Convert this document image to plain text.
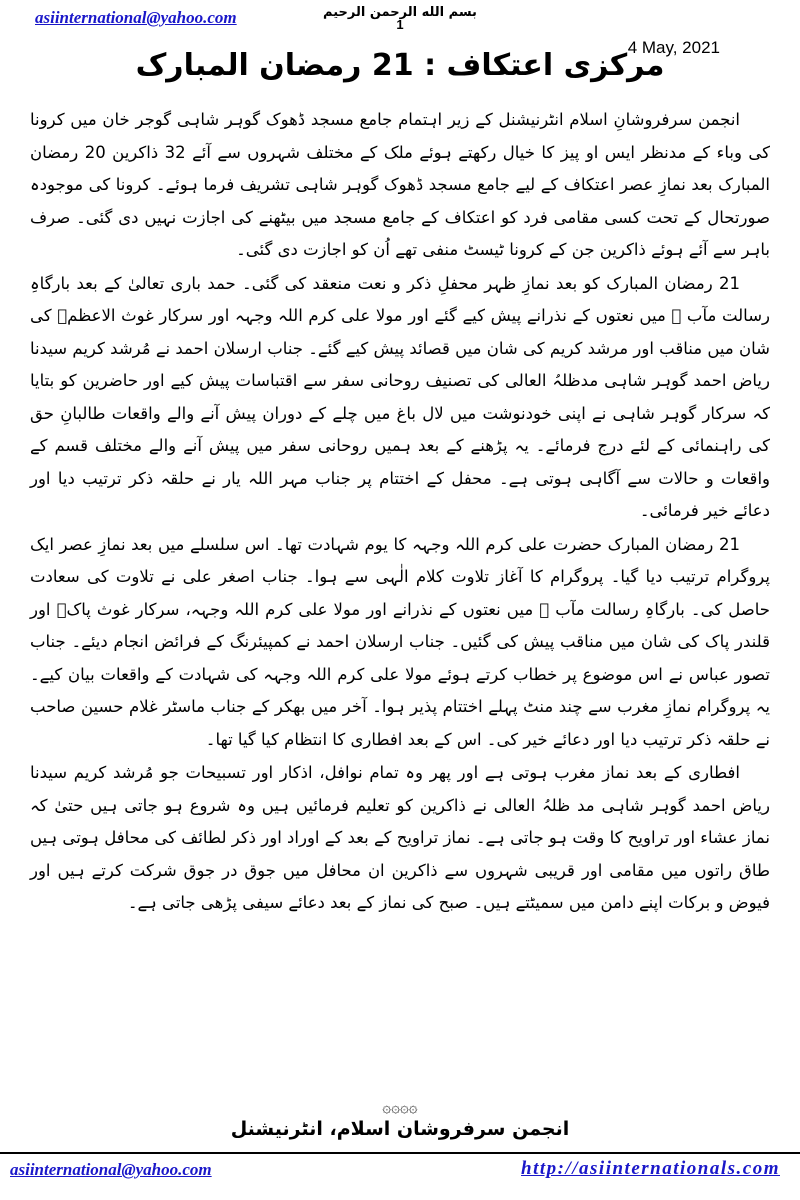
asiinternational@yahoo.com	بسم الله الرحمن الرحيم
1
4 May, 2021
مرکزی اعتکاف : 21 رمضان المبارک

انجمن سرفروشانِ اسلام انٹرنیشنل کے زیر اہتمام جامع مسجد ڈھوک گوہر شاہی گوجر خان میں کرونا کی وباء کے مدنظر ایس او پیز کا خیال رکھتے ہوئے ملک کے مختلف شہروں سے آئے 32 ذاکرین 20 رمضان المبارک بعد نمازِ عصر اعتکاف کے لیے جامع مسجد ڈھوک گوہر شاہی تشریف فرما ہوئے۔ کرونا کی موجودہ صورتحال کے تحت کسی مقامی فرد کو اعتکاف کے جامع مسجد میں بیٹھنے کی اجازت نہیں دی گئی۔ صرف باہر سے آئے ہوئے ذاکرین جن کے کرونا ٹیسٹ منفی تھے اُن کو اجازت دی گئی۔

21 رمضان المبارک کو بعد نمازِ ظہر محفلِ ذکر و نعت منعقد کی گئی۔ حمد باری تعالیٰ کے بعد بارگاہِ رسالت مآب ﷺ میں نعتوں کے نذرانے پیش کیے گئے اور مولا علی کرم اللہ وجہہ اور سرکار غوث الاعظمؓ کی شان میں مناقب اور مرشد کریم کی شان میں قصائد پیش کیے گئے۔ جناب ارسلان احمد نے مُرشد کریم سیدنا ریاض احمد گوہر شاہی مدظلہُ العالی کی تصنیف روحانی سفر سے اقتباسات پیش کیے اور حاضرین کو بتایا کہ سرکار گوہر شاہی نے اپنی خودنوشت میں لال باغ میں چلے کے دوران پیش آنے والے واقعات طالبانِ حق کی راہنمائی کے لئے درج فرمائے۔ یہ پڑھنے کے بعد ہمیں روحانی سفر میں پیش آنے والے مختلف قسم کے واقعات و حالات سے آگاہی ہوتی ہے۔ محفل کے اختتام پر جناب مہر اللہ یار نے حلقہ ذکر ترتیب دیا اور دعائے خیر فرمائی۔

21 رمضان المبارک حضرت علی کرم اللہ وجہہ کا یوم شہادت تھا۔ اس سلسلے میں بعد نمازِ عصر ایک پروگرام ترتیب دیا گیا۔ پروگرام کا آغاز تلاوت کلام الٰہی سے ہوا۔ جناب اصغر علی نے تلاوت کی سعادت حاصل کی۔ بارگاہِ رسالت مآب ﷺ میں نعتوں کے نذرانے اور مولا علی کرم اللہ وجہہ، سرکار غوث پاکؓ اور قلندر پاک کی شان میں مناقب پیش کی گئیں۔ جناب ارسلان احمد نے کمپیئرنگ کے فرائض انجام دیئے۔ جناب تصور عباس نے اس موضوع پر خطاب کرتے ہوئے مولا علی کرم اللہ وجہہ کی شہادت کے واقعات بیان کیے۔ یہ پروگرام نمازِ مغرب سے چند منٹ پہلے اختتام پذیر ہوا۔ آخر میں بھکر کے جناب ماسٹر غلام حسین صاحب نے حلقہ ذکر ترتیب دیا اور دعائے خیر کی۔ اس کے بعد افطاری کا انتظام کیا گیا تھا۔

افطاری کے بعد نماز مغرب ہوتی ہے اور پھر وہ تمام نوافل، اذکار اور تسبیحات جو مُرشد کریم سیدنا ریاض احمد گوہر شاہی مد ظلہُ العالی نے ذاکرین کو تعلیم فرمائیں ہیں وہ شروع ہو جاتی ہیں حتیٰ کہ نماز عشاء اور تراویح کا وقت ہو جاتی ہے۔ نماز تراویح کے بعد کے اوراد اور ذکر لطائف کی محافل ہوتی ہیں طاق راتوں میں مقامی اور قریبی شہروں سے ذاکرین ان محافل میں جوق در جوق شرکت کرتے ہیں اور فیوض و برکات اپنے دامن میں سمیٹتے ہیں۔ صبح کی نماز کے بعد دعائے سیفی پڑھی جاتی ہے۔

۞۞۞۞
انجمن سرفروشان اسلام، انٹرنیشنل
asiinternational@yahoo.com	http://asiinternationals.com
